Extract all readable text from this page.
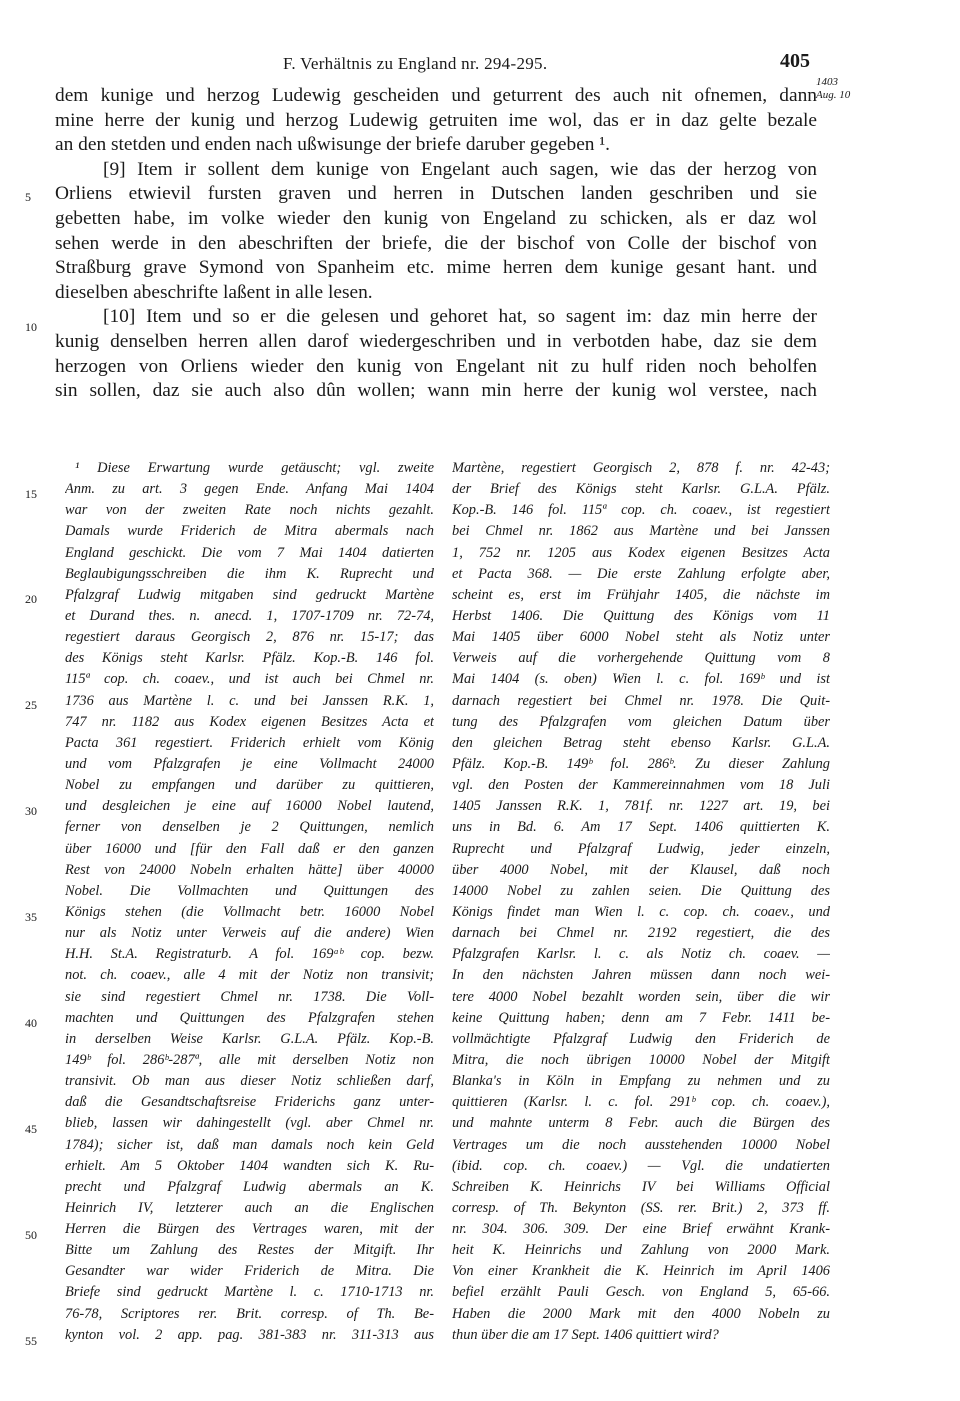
F. Verhältnis zu England nr. 294-295.	405
1403
Aug. 10
dem kunige und herzog Ludewig gescheiden und geturrent des auch nit ofnemen, dann
mine herre der kunig und herzog Ludewig getruiten ime wol, das er in daz gelte bezale
an den stetden und enden nach ußwisunge der briefe daruber gegeben ¹.
[9] Item ir sollent dem kunige von Engelant auch sagen, wie das der herzog von
Orliens etwievil fursten graven und herren in Dutschen landen geschriben und sie
gebetten habe, im volke wieder den kunig von Engeland zu schicken, als er daz wol
sehen werde in den abeschriften der briefe, die der bischof von Colle der bischof von
Straßburg grave Symond von Spanheim etc. mime herren dem kunige gesant hant. und
dieselben abeschrifte laßent in alle lesen.
[10] Item und so er die gelesen und gehoret hat, so sagent im: daz min herre der
kunig denselben herren allen darof wiedergeschriben und in verbotden habe, daz sie dem
herzogen von Orliens wieder den kunig von Engelant nit zu hulf riden noch beholfen
sin sollen, daz sie auch also dûn wollen; wann min herre der kunig wol verstee, nach
5
10
15
20
25
30
35
40
45
50
55
¹ Diese Erwartung wurde getäuscht; vgl. zweite
Anm. zu art. 3 gegen Ende. Anfang Mai 1404
war von der zweiten Rate noch nichts gezahlt.
Damals wurde Friderich de Mitra abermals nach
England geschickt. Die vom 7 Mai 1404 datierten
Beglaubigungsschreiben die ihm K. Ruprecht und
Pfalzgraf Ludwig mitgaben sind gedruckt Martène
et Durand thes. n. anecd. 1, 1707-1709 nr. 72-74,
regestiert daraus Georgisch 2, 876 nr. 15-17; das
des Königs steht Karlsr. Pfälz. Kop.-B. 146 fol.
115ª cop. ch. coaev., und ist auch bei Chmel nr.
1736 aus Martène l. c. und bei Janssen R.K. 1,
747 nr. 1182 aus Kodex eigenen Besitzes Acta et
Pacta 361 regestiert. Friderich erhielt vom König
und vom Pfalzgrafen je eine Vollmacht 24000
Nobel zu empfangen und darüber zu quittieren,
und desgleichen je eine auf 16000 Nobel lautend,
ferner von denselben je 2 Quittungen, nemlich
über 16000 und [für den Fall daß er den ganzen
Rest von 24000 Nobeln erhalten hätte] über 40000
Nobel. Die Vollmachten und Quittungen des
Königs stehen (die Vollmacht betr. 16000 Nobel
nur als Notiz unter Verweis auf die andere) Wien
H.H. St.A. Registraturb. A fol. 169ᵃᵇ cop. bezw.
not. ch. coaev., alle 4 mit der Notiz non transivit;
sie sind regestiert Chmel nr. 1738. Die Voll-
machten und Quittungen des Pfalzgrafen stehen
in derselben Weise Karlsr. G.L.A. Pfälz. Kop.-B.
149ᵇ fol. 286ᵇ-287ª, alle mit derselben Notiz non
transivit. Ob man aus dieser Notiz schließen darf,
daß die Gesandtschaftsreise Friderichs ganz unter-
blieb, lassen wir dahingestellt (vgl. aber Chmel nr.
1784); sicher ist, daß man damals noch kein Geld
erhielt. Am 5 Oktober 1404 wandten sich K. Ru-
precht und Pfalzgraf Ludwig abermals an K.
Heinrich IV, letzterer auch an die Englischen
Herren die Bürgen des Vertrages waren, mit der
Bitte um Zahlung des Restes der Mitgift. Ihr
Gesandter war wider Friderich de Mitra. Die
Briefe sind gedruckt Martène l. c. 1710-1713 nr.
76-78, Scriptores rer. Brit. corresp. of Th. Be-
kynton vol. 2 app. pag. 381-383 nr. 311-313 aus
Martène, regestiert Georgisch 2, 878 f. nr. 42-43;
der Brief des Königs steht Karlsr. G.L.A. Pfälz.
Kop.-B. 146 fol. 115ª cop. ch. coaev., ist regestiert
bei Chmel nr. 1862 aus Martène und bei Janssen
1, 752 nr. 1205 aus Kodex eigenen Besitzes Acta
et Pacta 368. — Die erste Zahlung erfolgte aber,
scheint es, erst im Frühjahr 1405, die nächste im
Herbst 1406. Die Quittung des Königs vom 11
Mai 1405 über 6000 Nobel steht als Notiz unter
Verweis auf die vorhergehende Quittung vom 8
Mai 1404 (s. oben) Wien l. c. fol. 169ᵇ und ist
darnach regestiert bei Chmel nr. 1978. Die Quit-
tung des Pfalzgrafen vom gleichen Datum über
den gleichen Betrag steht ebenso Karlsr. G.L.A.
Pfälz. Kop.-B. 149ᵇ fol. 286ᵇ. Zu dieser Zahlung
vgl. den Posten der Kammereinnahmen vom 18 Juli
1405 Janssen R.K. 1, 781f. nr. 1227 art. 19, bei
uns in Bd. 6. Am 17 Sept. 1406 quittierten K.
Ruprecht und Pfalzgraf Ludwig, jeder einzeln,
über 4000 Nobel, mit der Klausel, daß noch
14000 Nobel zu zahlen seien. Die Quittung des
Königs findet man Wien l. c. cop. ch. coaev., und
darnach bei Chmel nr. 2192 regestiert, die des
Pfalzgrafen Karlsr. l. c. als Notiz ch. coaev. —
In den nächsten Jahren müssen dann noch wei-
tere 4000 Nobel bezahlt worden sein, über die wir
keine Quittung haben; denn am 7 Febr. 1411 be-
vollmächtigte Pfalzgraf Ludwig den Friderich de
Mitra, die noch übrigen 10000 Nobel der Mitgift
Blanka's in Köln in Empfang zu nehmen und zu
quittieren (Karlsr. l. c. fol. 291ᵇ cop. ch. coaev.),
und mahnte unterm 8 Febr. auch die Bürgen des
Vertrages um die noch ausstehenden 10000 Nobel
(ibid. cop. ch. coaev.) — Vgl. die undatierten
Schreiben K. Heinrichs IV bei Williams Official
corresp. of Th. Bekynton (SS. rer. Brit.) 2, 373 ff.
nr. 304. 306. 309. Der eine Brief erwähnt Krank-
heit K. Heinrichs und Zahlung von 2000 Mark.
Von einer Krankheit die K. Heinrich im April 1406
befiel erzählt Pauli Gesch. von England 5, 65-66.
Haben die 2000 Mark mit den 4000 Nobeln zu
thun über die am 17 Sept. 1406 quittiert wird?
